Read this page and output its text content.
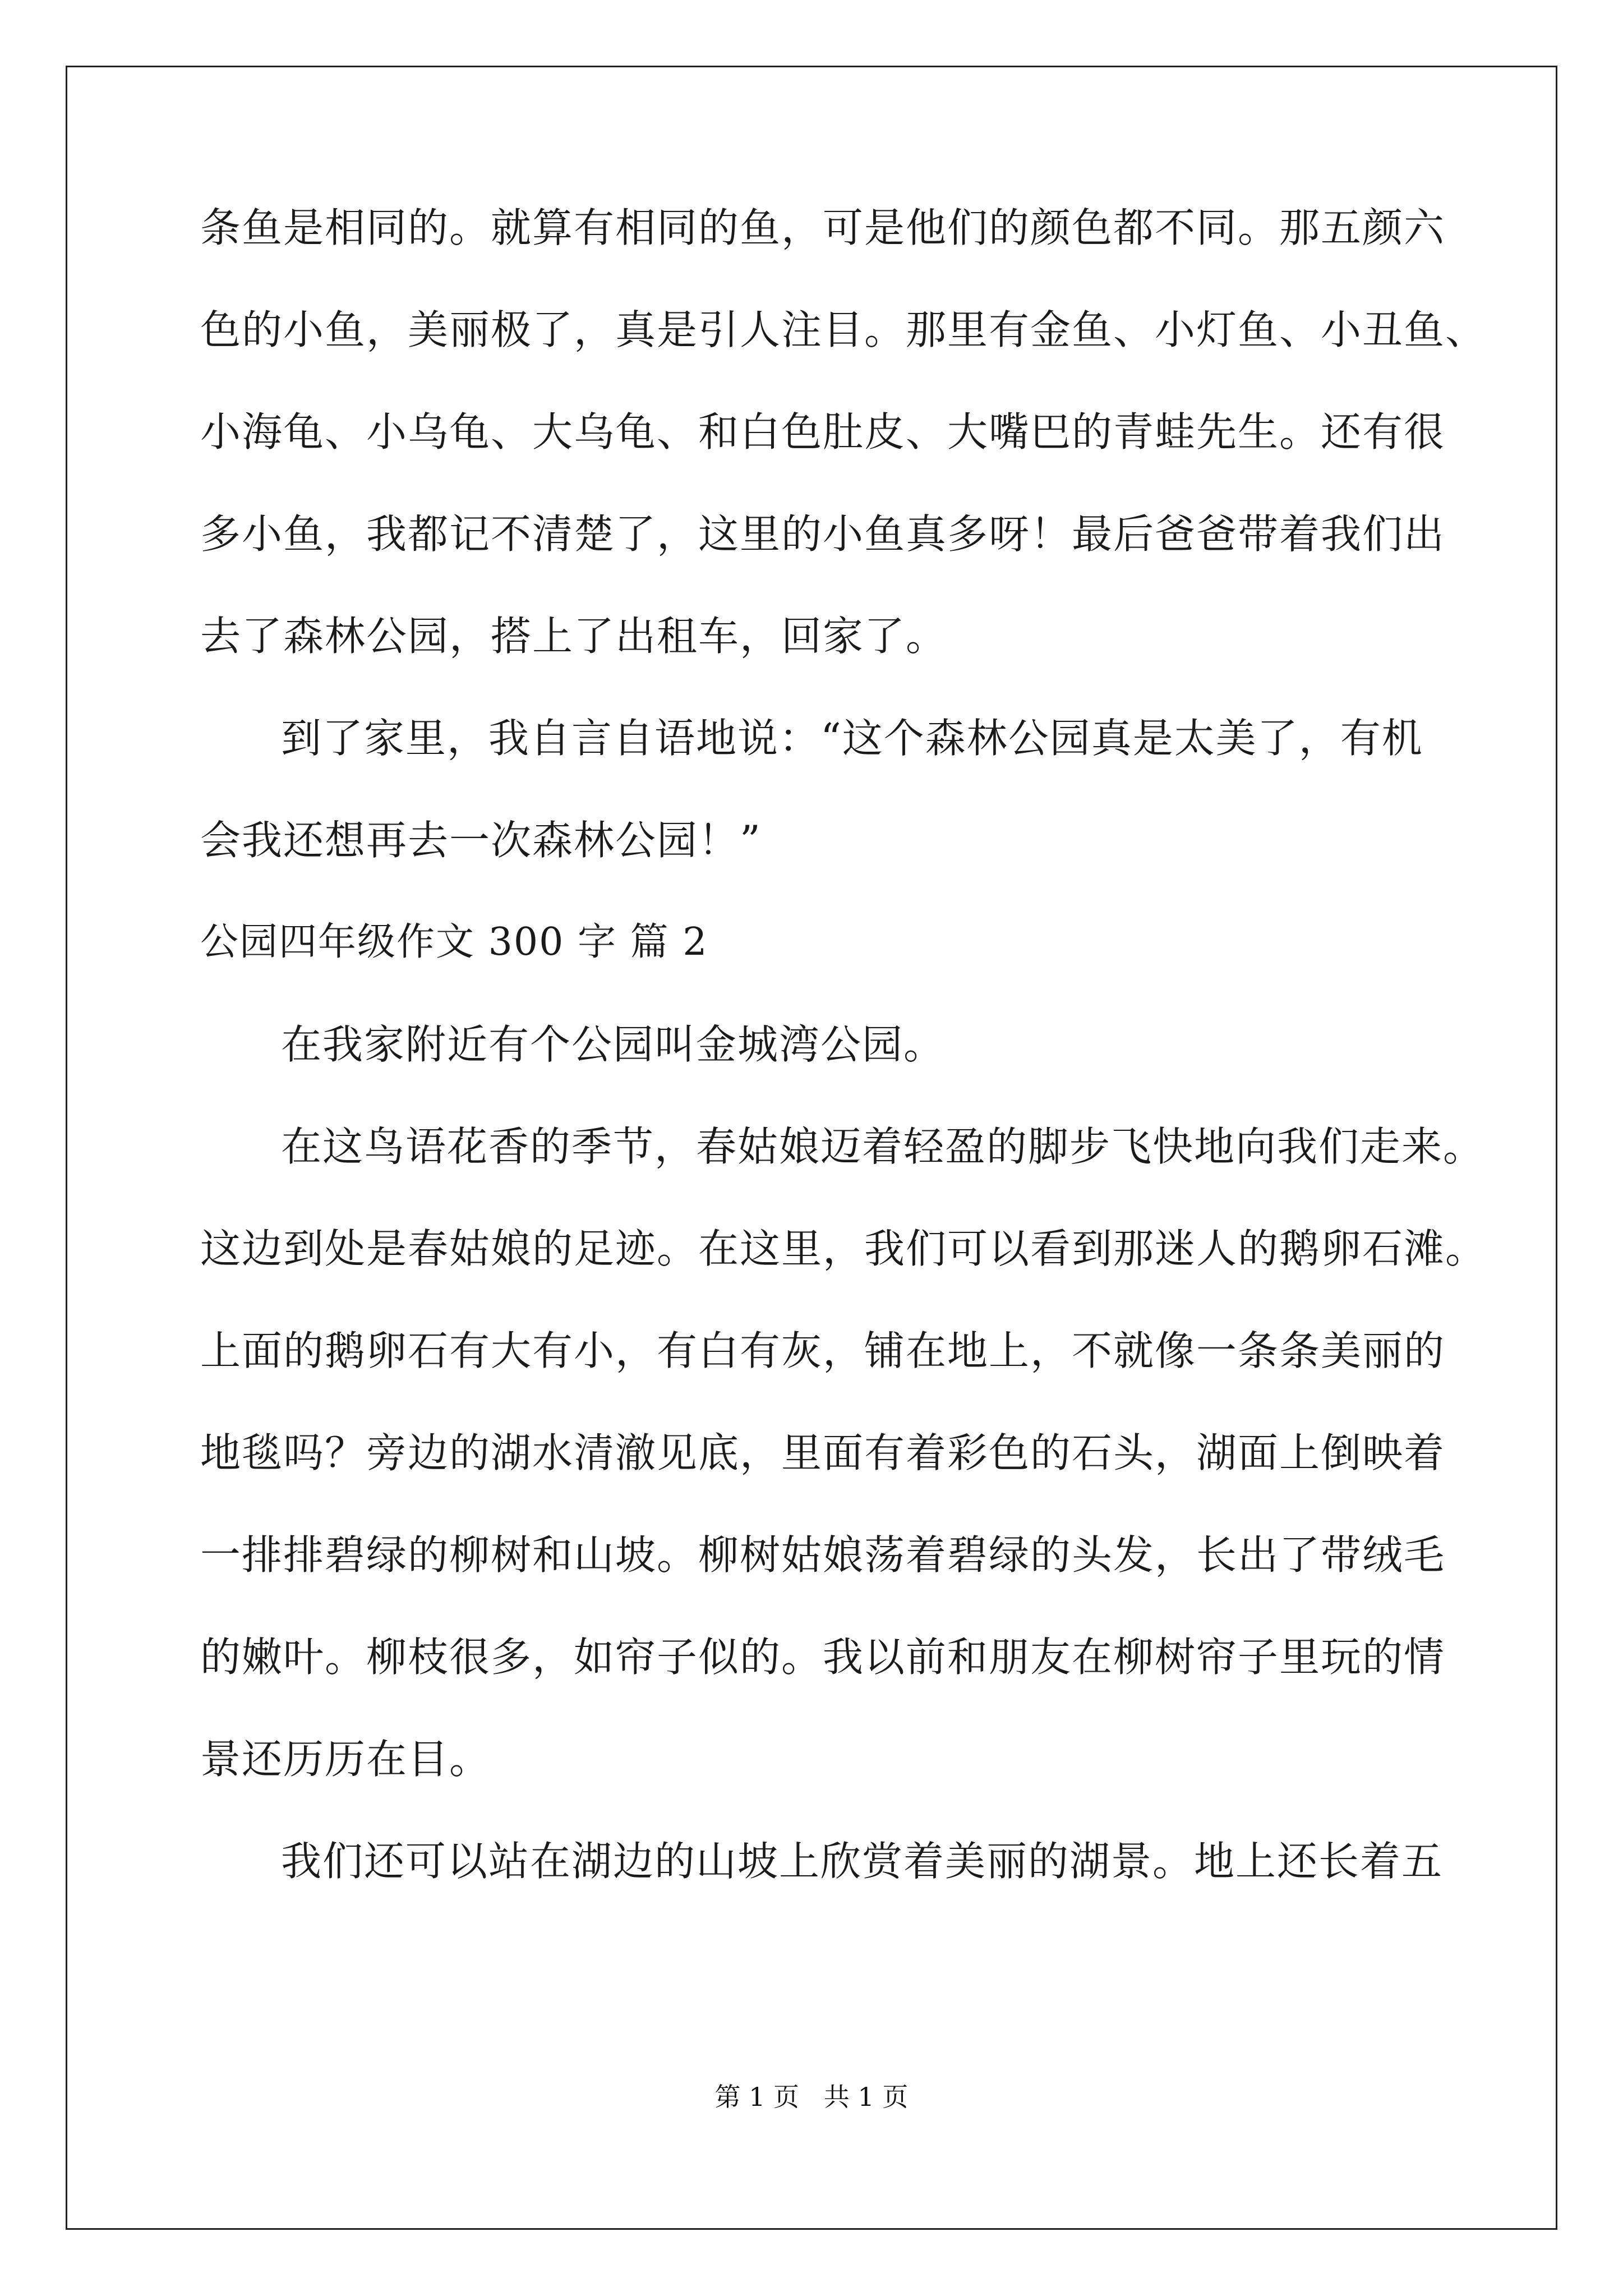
条鱼是相同的。就算有相同的鱼，可是他们的颜色都不同。那五颜六
色的小鱼，美丽极了，真是引人注目。那里有金鱼、小灯鱼、小丑鱼、
小海龟、小乌龟、大乌龟、和白色肚皮、大嘴巴的青蛙先生。还有很
多小鱼，我都记不清楚了，这里的小鱼真多呀！最后爸爸带着我们出
去了森林公园，搭上了出租车，回家了。
到了家里，我自言自语地说：“这个森林公园真是太美了，有机
会我还想再去一次森林公园！”
公园四年级作文 300 字 篇 2
在我家附近有个公园叫金城湾公园。
在这鸟语花香的季节，春姑娘迈着轻盈的脚步飞快地向我们走来。
这边到处是春姑娘的足迹。在这里，我们可以看到那迷人的鹅卵石滩。
上面的鹅卵石有大有小，有白有灰，铺在地上，不就像一条条美丽的
地毯吗？旁边的湖水清澈见底，里面有着彩色的石头，湖面上倒映着
一排排碧绿的柳树和山坡。柳树姑娘荡着碧绿的头发，长出了带绒毛
的嫩叶。柳枝很多，如帘子似的。我以前和朋友在柳树帘子里玩的情
景还历历在目。
我们还可以站在湖边的山坡上欣赏着美丽的湖景。地上还长着五
第 1 页   共 1 页
